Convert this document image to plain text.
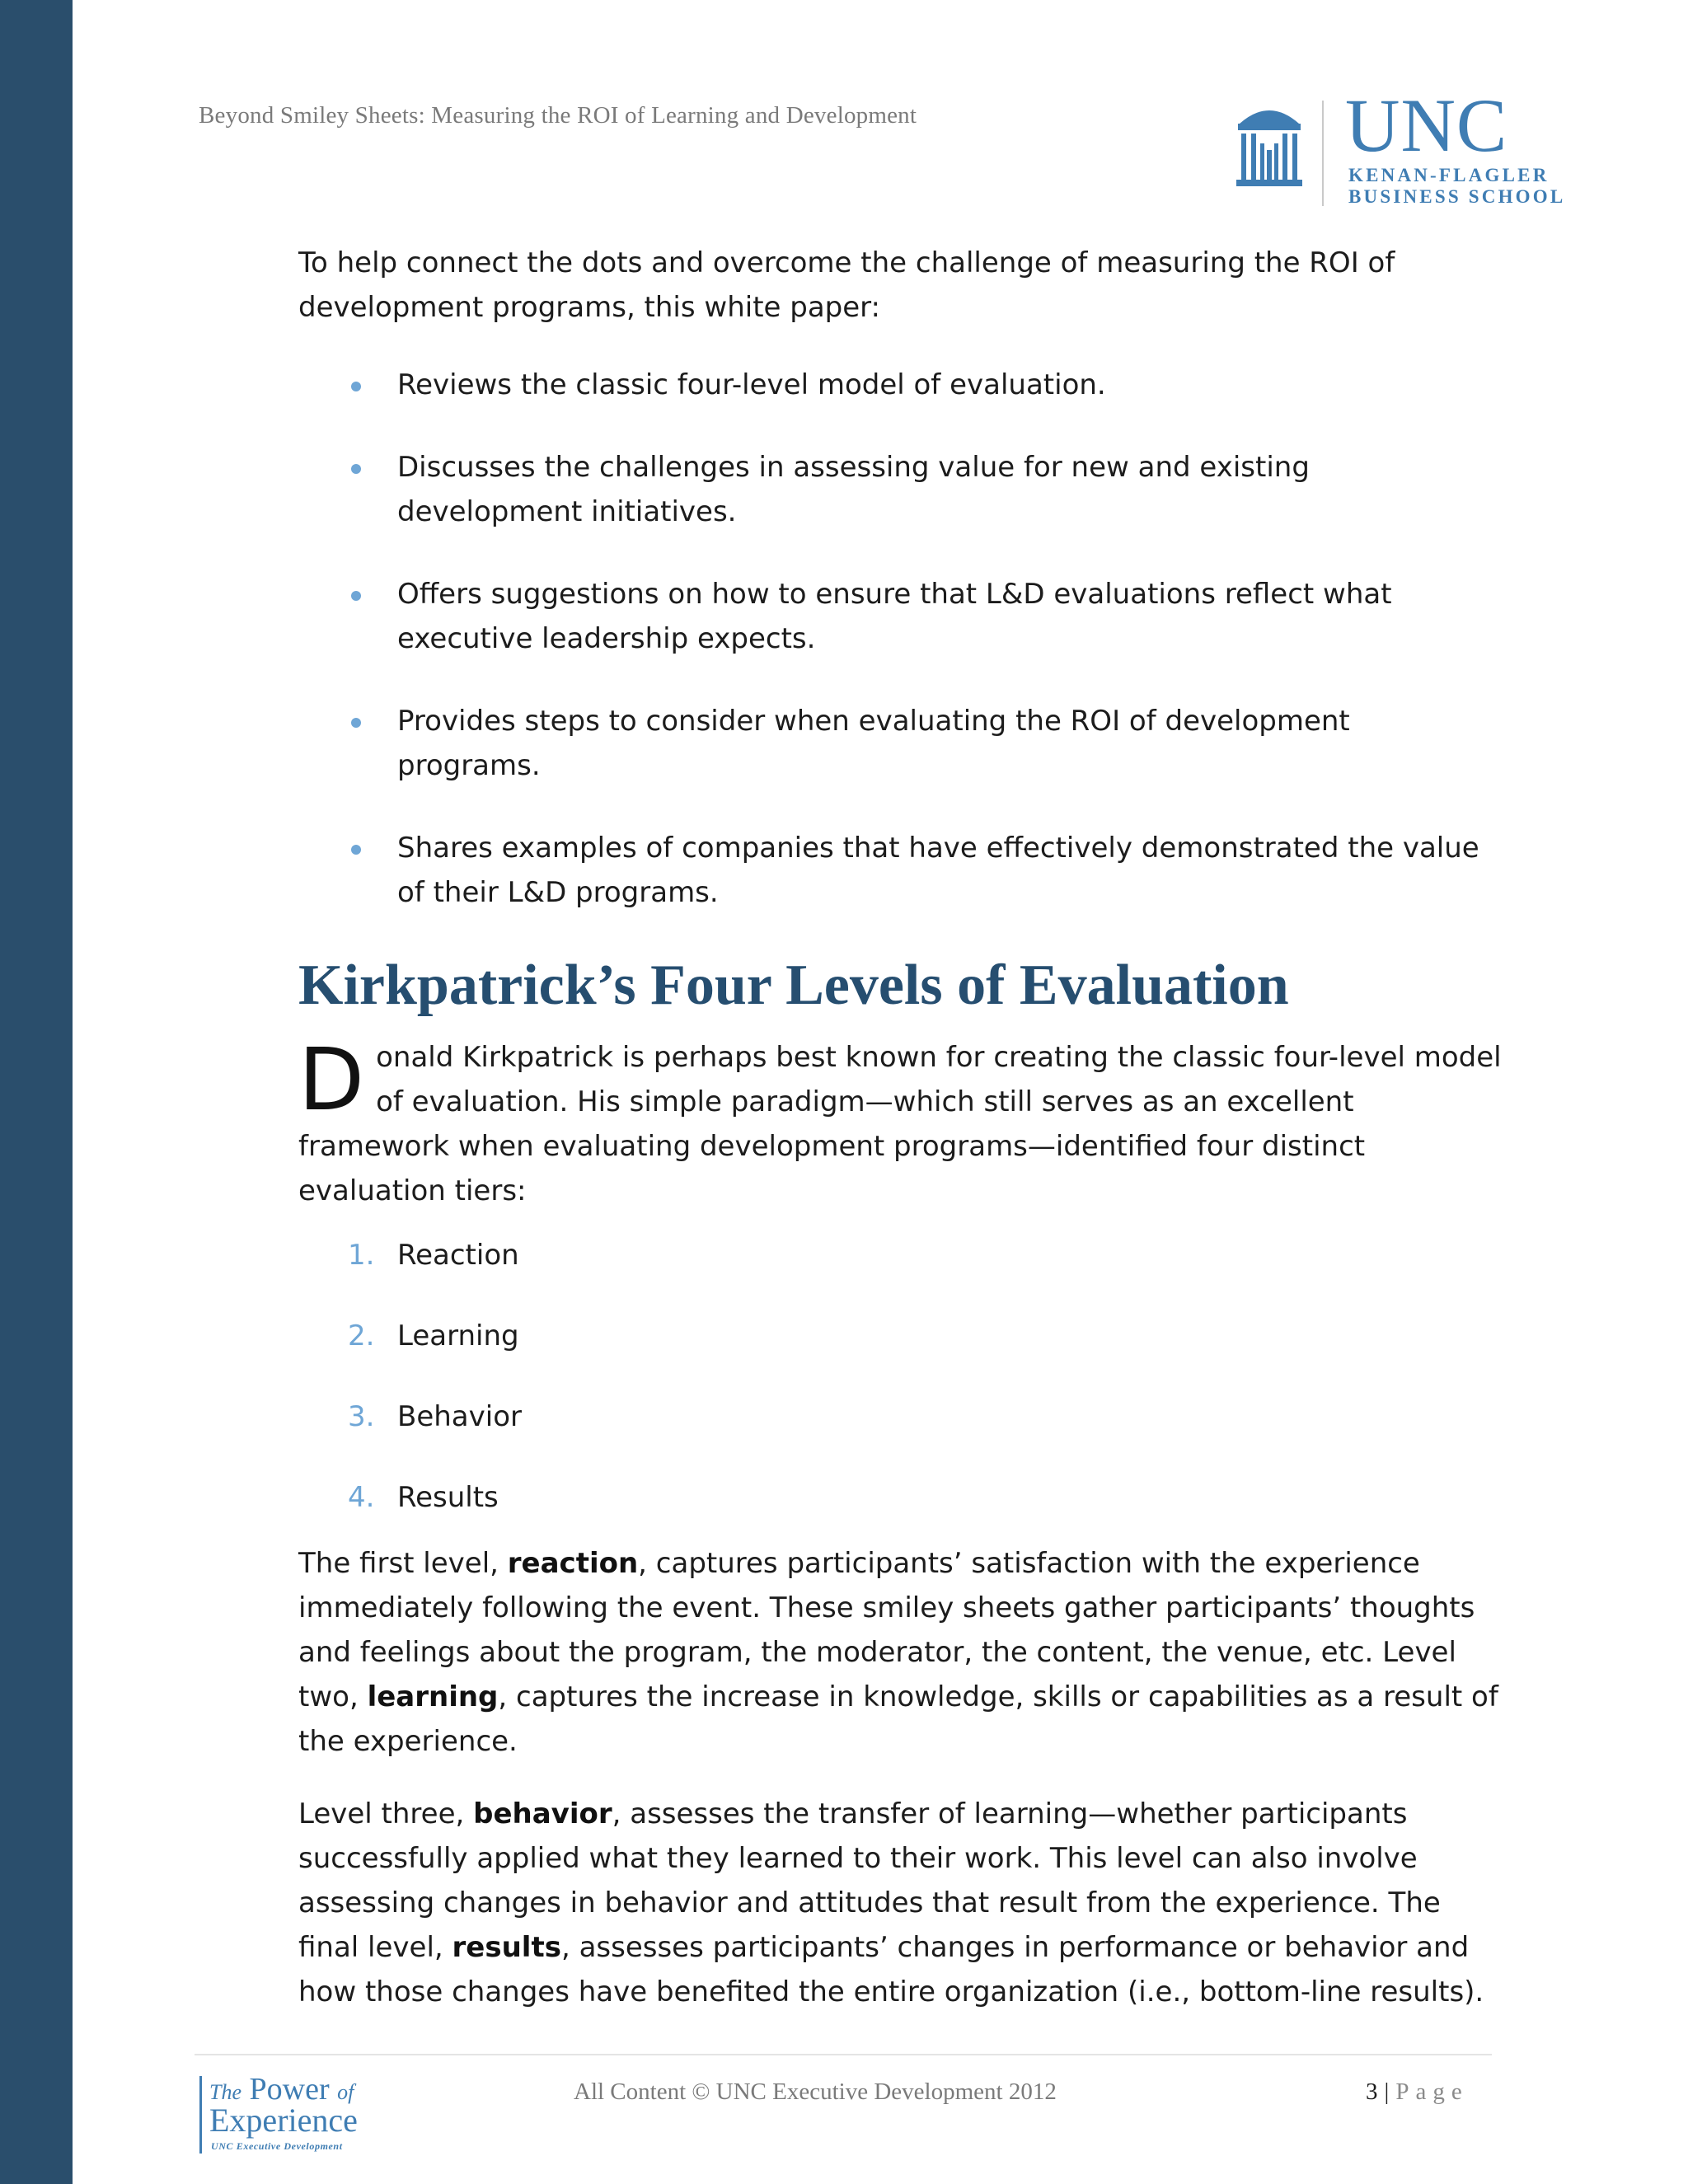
Beyond Smiley Sheets: Measuring the ROI of Learning and Development	UNC
KENAN-FLAGLER
BUSINESS SCHOOL

To help connect the dots and overcome the challenge of measuring the ROI of development programs, this white paper:

Reviews the classic four-level model of evaluation.
Discusses the challenges in assessing value for new and existing development initiatives.
Offers suggestions on how to ensure that L&D evaluations reflect what executive leadership expects.
Provides steps to consider when evaluating the ROI of development programs.
Shares examples of companies that have effectively demonstrated the value of their L&D programs.

Kirkpatrick’s Four Levels of Evaluation

Donald Kirkpatrick is perhaps best known for creating the classic four-level model of evaluation. His simple paradigm—which still serves as an excellent framework when evaluating development programs—identified four distinct evaluation tiers:

1. Reaction
2. Learning
3. Behavior
4. Results

The first level, reaction, captures participants’ satisfaction with the experience immediately following the event. These smiley sheets gather participants’ thoughts and feelings about the program, the moderator, the content, the venue, etc. Level two, learning, captures the increase in knowledge, skills or capabilities as a result of the experience.

Level three, behavior, assesses the transfer of learning—whether participants successfully applied what they learned to their work. This level can also involve assessing changes in behavior and attitudes that result from the experience. The final level, results, assesses participants’ changes in performance or behavior and how those changes have benefited the entire organization (i.e., bottom-line results).

The Power of
Experience
UNC Executive Development
All Content © UNC Executive Development 2012	3 | Page
